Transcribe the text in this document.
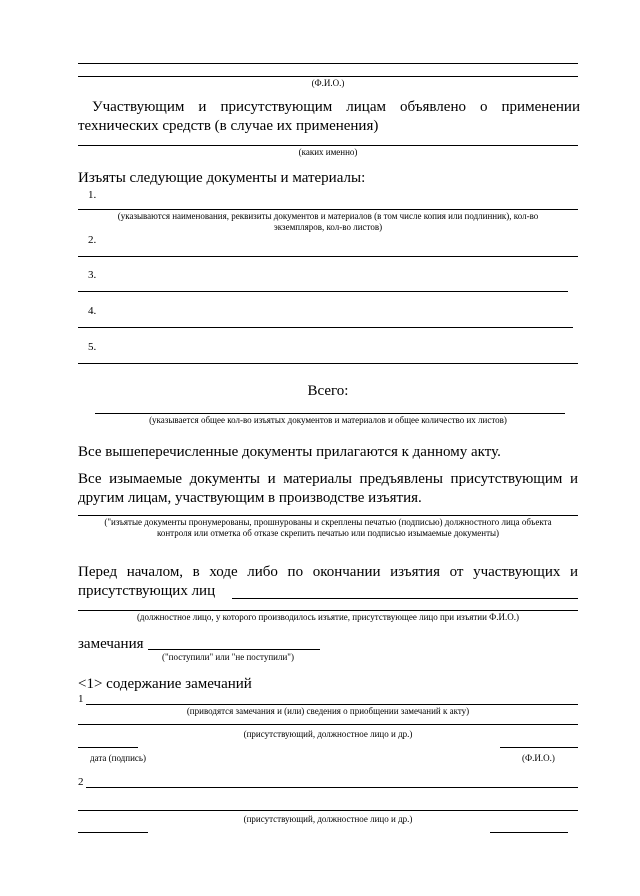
(Ф.И.О.)
Участвующим и присутствующим лицам объявлено о применении
технических средств (в случае их применения)
(каких именно)
Изъяты следующие документы и материалы:
1.
(указываются наименования, реквизиты документов и материалов (в том числе копия или подлинник), кол-во
экземпляров, кол-во листов)
2.
3.
4.
5.
Всего:
(указывается общее кол-во изъятых документов и материалов и общее количество их листов)
Все вышеперечисленные документы прилагаются к данному акту.
Все изымаемые документы и материалы предъявлены присутствующим и
другим лицам, участвующим в производстве изъятия.
("изъятые документы пронумерованы, прошнурованы и скреплены печатью (подписью) должностного лица объекта
контроля или отметка об отказе скрепить печатью или подписью изымаемые документы)
Перед началом, в ходе либо по окончании изъятия от участвующих и
присутствующих лиц
(должностное лицо, у которого производилось изъятие, присутствующее лицо при изъятии Ф.И.О.)
замечания
("поступили" или "не поступили")
<1> содержание замечаний
1
(приводятся замечания и (или) сведения о приобщении замечаний к акту)
(присутствующий, должностное лицо и др.)
дата (подпись)	(Ф.И.О.)
2
(присутствующий, должностное лицо и др.)
